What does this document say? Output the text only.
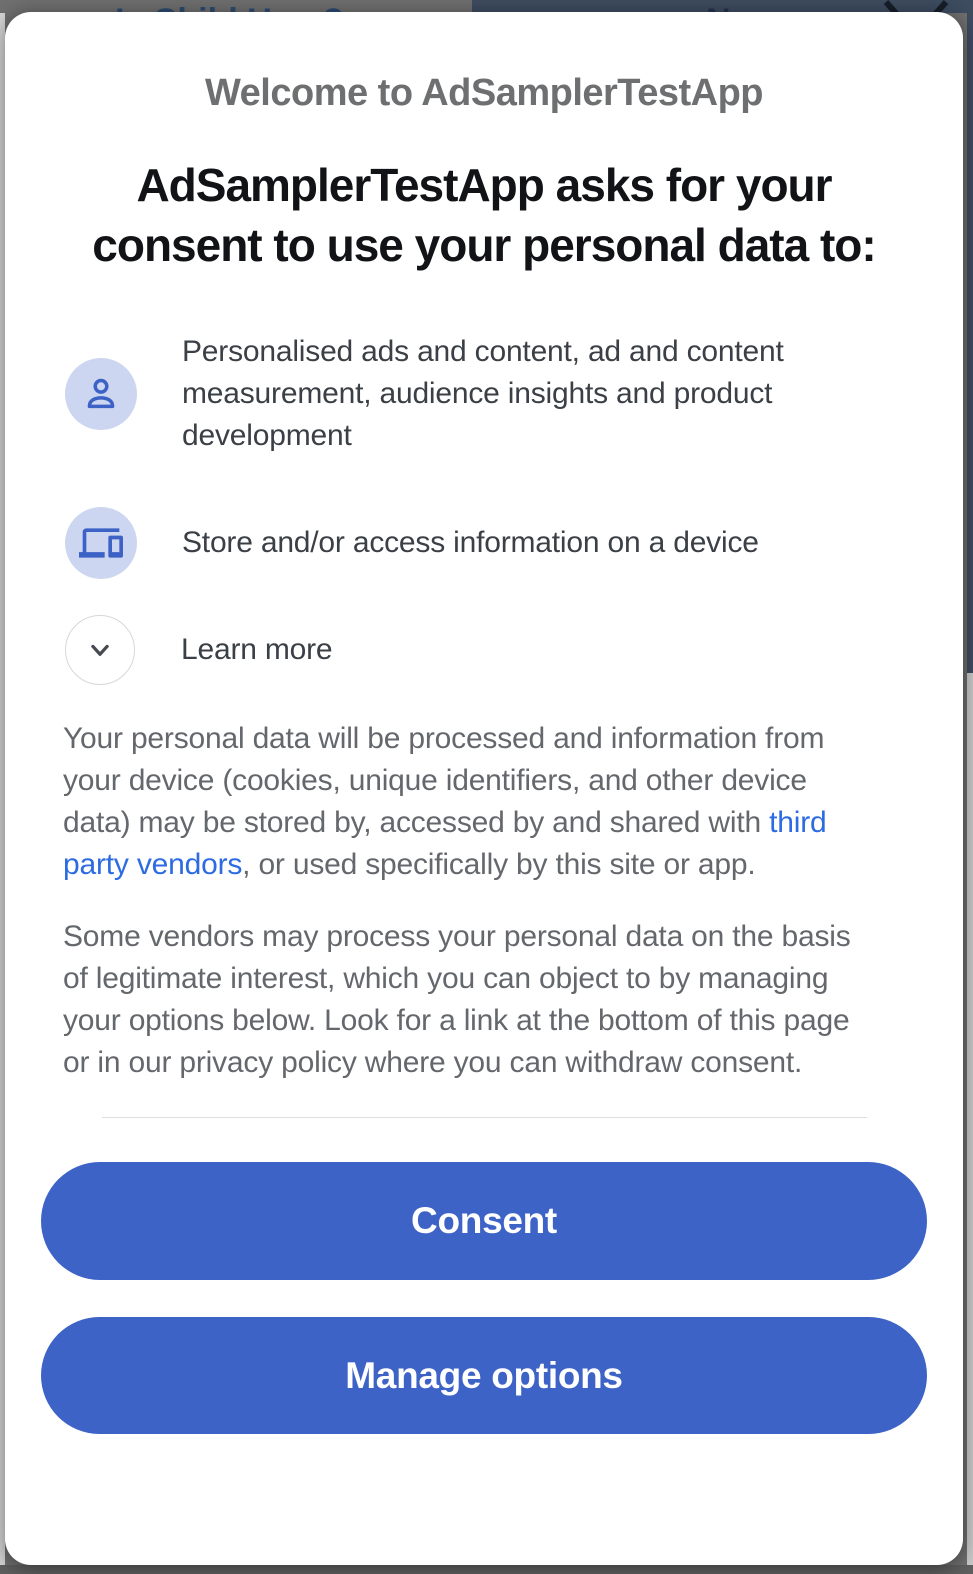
Welcome to AdSamplerTestApp
AdSamplerTestApp asks for your
consent to use your personal data to:
Personalised ads and content, ad and content measurement, audience insights and product development
Store and/or access information on a device
Learn more
Your personal data will be processed and information from your device (cookies, unique identifiers, and other device data) may be stored by, accessed by and shared with third party vendors, or used specifically by this site or app.
Some vendors may process your personal data on the basis of legitimate interest, which you can object to by managing your options below. Look for a link at the bottom of this page or in our privacy policy where you can withdraw consent.
Consent
Manage options
